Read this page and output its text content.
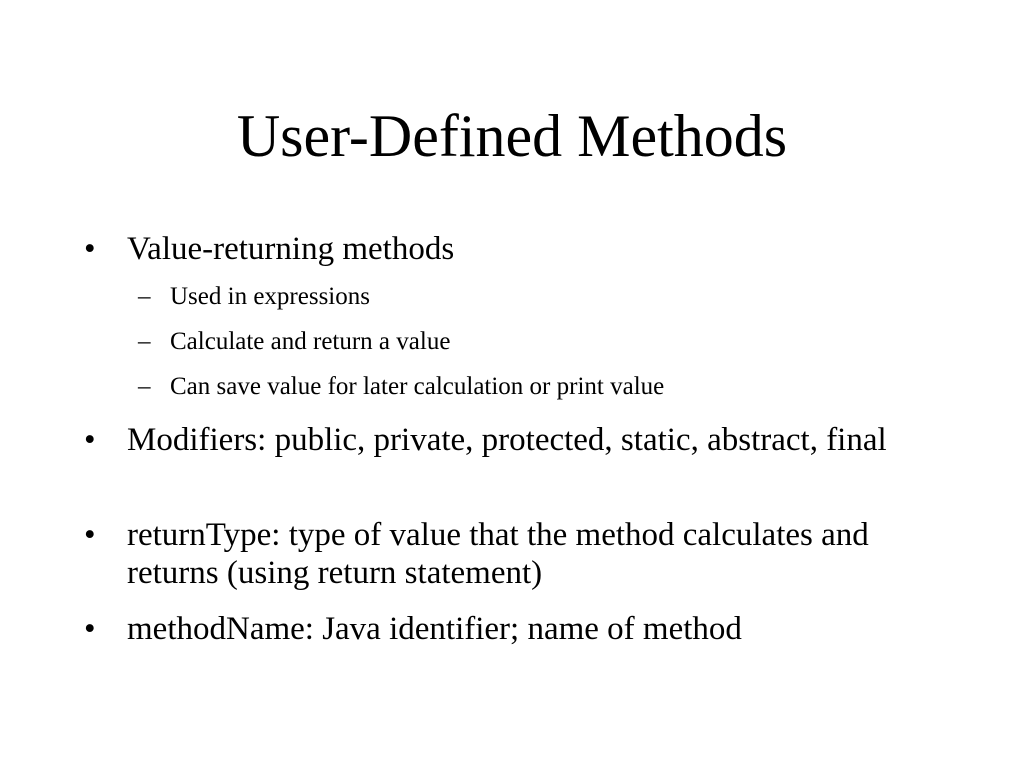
User-Defined Methods
• Value-returning methods
– Used in expressions
– Calculate and return a value
– Can save value for later calculation or print value
• Modifiers: public, private, protected, static, abstract, final
• returnType: type of value that the method calculates and returns (using return statement)
• methodName: Java identifier; name of method
